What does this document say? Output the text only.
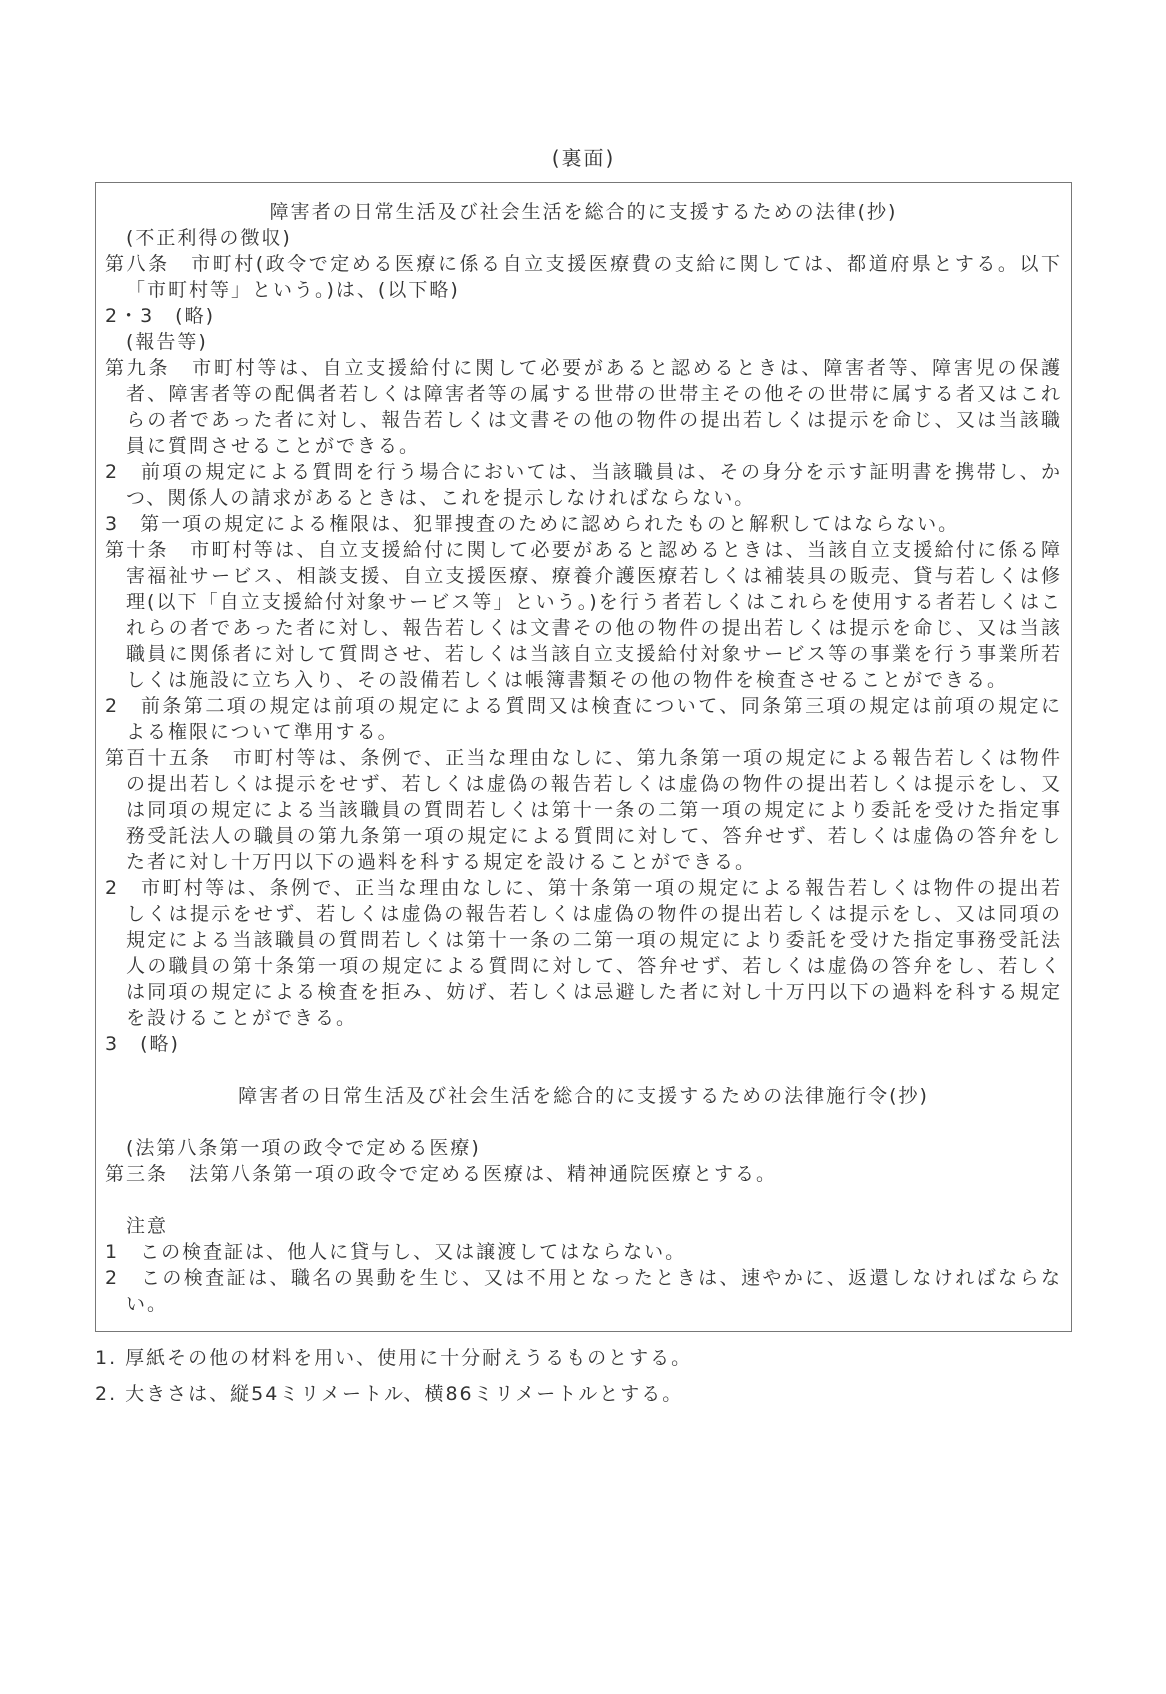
(裏面)
障害者の日常生活及び社会生活を総合的に支援するための法律(抄)
(不正利得の徴収)
第八条　市町村(政令で定める医療に係る自立支援医療費の支給に関しては、都道府県とする。以下「市町村等」という。)は、(以下略)
2・3　(略)
(報告等)
第九条　市町村等は、自立支援給付に関して必要があると認めるときは、障害者等、障害児の保護者、障害者等の配偶者若しくは障害者等の属する世帯の世帯主その他その世帯に属する者又はこれらの者であった者に対し、報告若しくは文書その他の物件の提出若しくは提示を命じ、又は当該職員に質問させることができる。
2　前項の規定による質問を行う場合においては、当該職員は、その身分を示す証明書を携帯し、かつ、関係人の請求があるときは、これを提示しなければならない。
3　第一項の規定による権限は、犯罪捜査のために認められたものと解釈してはならない。
第十条　市町村等は、自立支援給付に関して必要があると認めるときは、当該自立支援給付に係る障害福祉サービス、相談支援、自立支援医療、療養介護医療若しくは補装具の販売、貸与若しくは修理(以下「自立支援給付対象サービス等」という。)を行う者若しくはこれらを使用する者若しくはこれらの者であった者に対し、報告若しくは文書その他の物件の提出若しくは提示を命じ、又は当該職員に関係者に対して質問させ、若しくは当該自立支援給付対象サービス等の事業を行う事業所若しくは施設に立ち入り、その設備若しくは帳簿書類その他の物件を検査させることができる。
2　前条第二項の規定は前項の規定による質問又は検査について、同条第三項の規定は前項の規定による権限について準用する。
第百十五条　市町村等は、条例で、正当な理由なしに、第九条第一項の規定による報告若しくは物件の提出若しくは提示をせず、若しくは虚偽の報告若しくは虚偽の物件の提出若しくは提示をし、又は同項の規定による当該職員の質問若しくは第十一条の二第一項の規定により委託を受けた指定事務受託法人の職員の第九条第一項の規定による質問に対して、答弁せず、若しくは虚偽の答弁をした者に対し十万円以下の過料を科する規定を設けることができる。
2　市町村等は、条例で、正当な理由なしに、第十条第一項の規定による報告若しくは物件の提出若しくは提示をせず、若しくは虚偽の報告若しくは虚偽の物件の提出若しくは提示をし、又は同項の規定による当該職員の質問若しくは第十一条の二第一項の規定により委託を受けた指定事務受託法人の職員の第十条第一項の規定による質問に対して、答弁せず、若しくは虚偽の答弁をし、若しくは同項の規定による検査を拒み、妨げ、若しくは忌避した者に対し十万円以下の過料を科する規定を設けることができる。
3　(略)
障害者の日常生活及び社会生活を総合的に支援するための法律施行令(抄)
(法第八条第一項の政令で定める医療)
第三条　法第八条第一項の政令で定める医療は、精神通院医療とする。
注意
1　この検査証は、他人に貸与し、又は譲渡してはならない。
2　この検査証は、職名の異動を生じ、又は不用となったときは、速やかに、返還しなければならない。
1. 厚紙その他の材料を用い、使用に十分耐えうるものとする。
2. 大きさは、縦54ミリメートル、横86ミリメートルとする。
